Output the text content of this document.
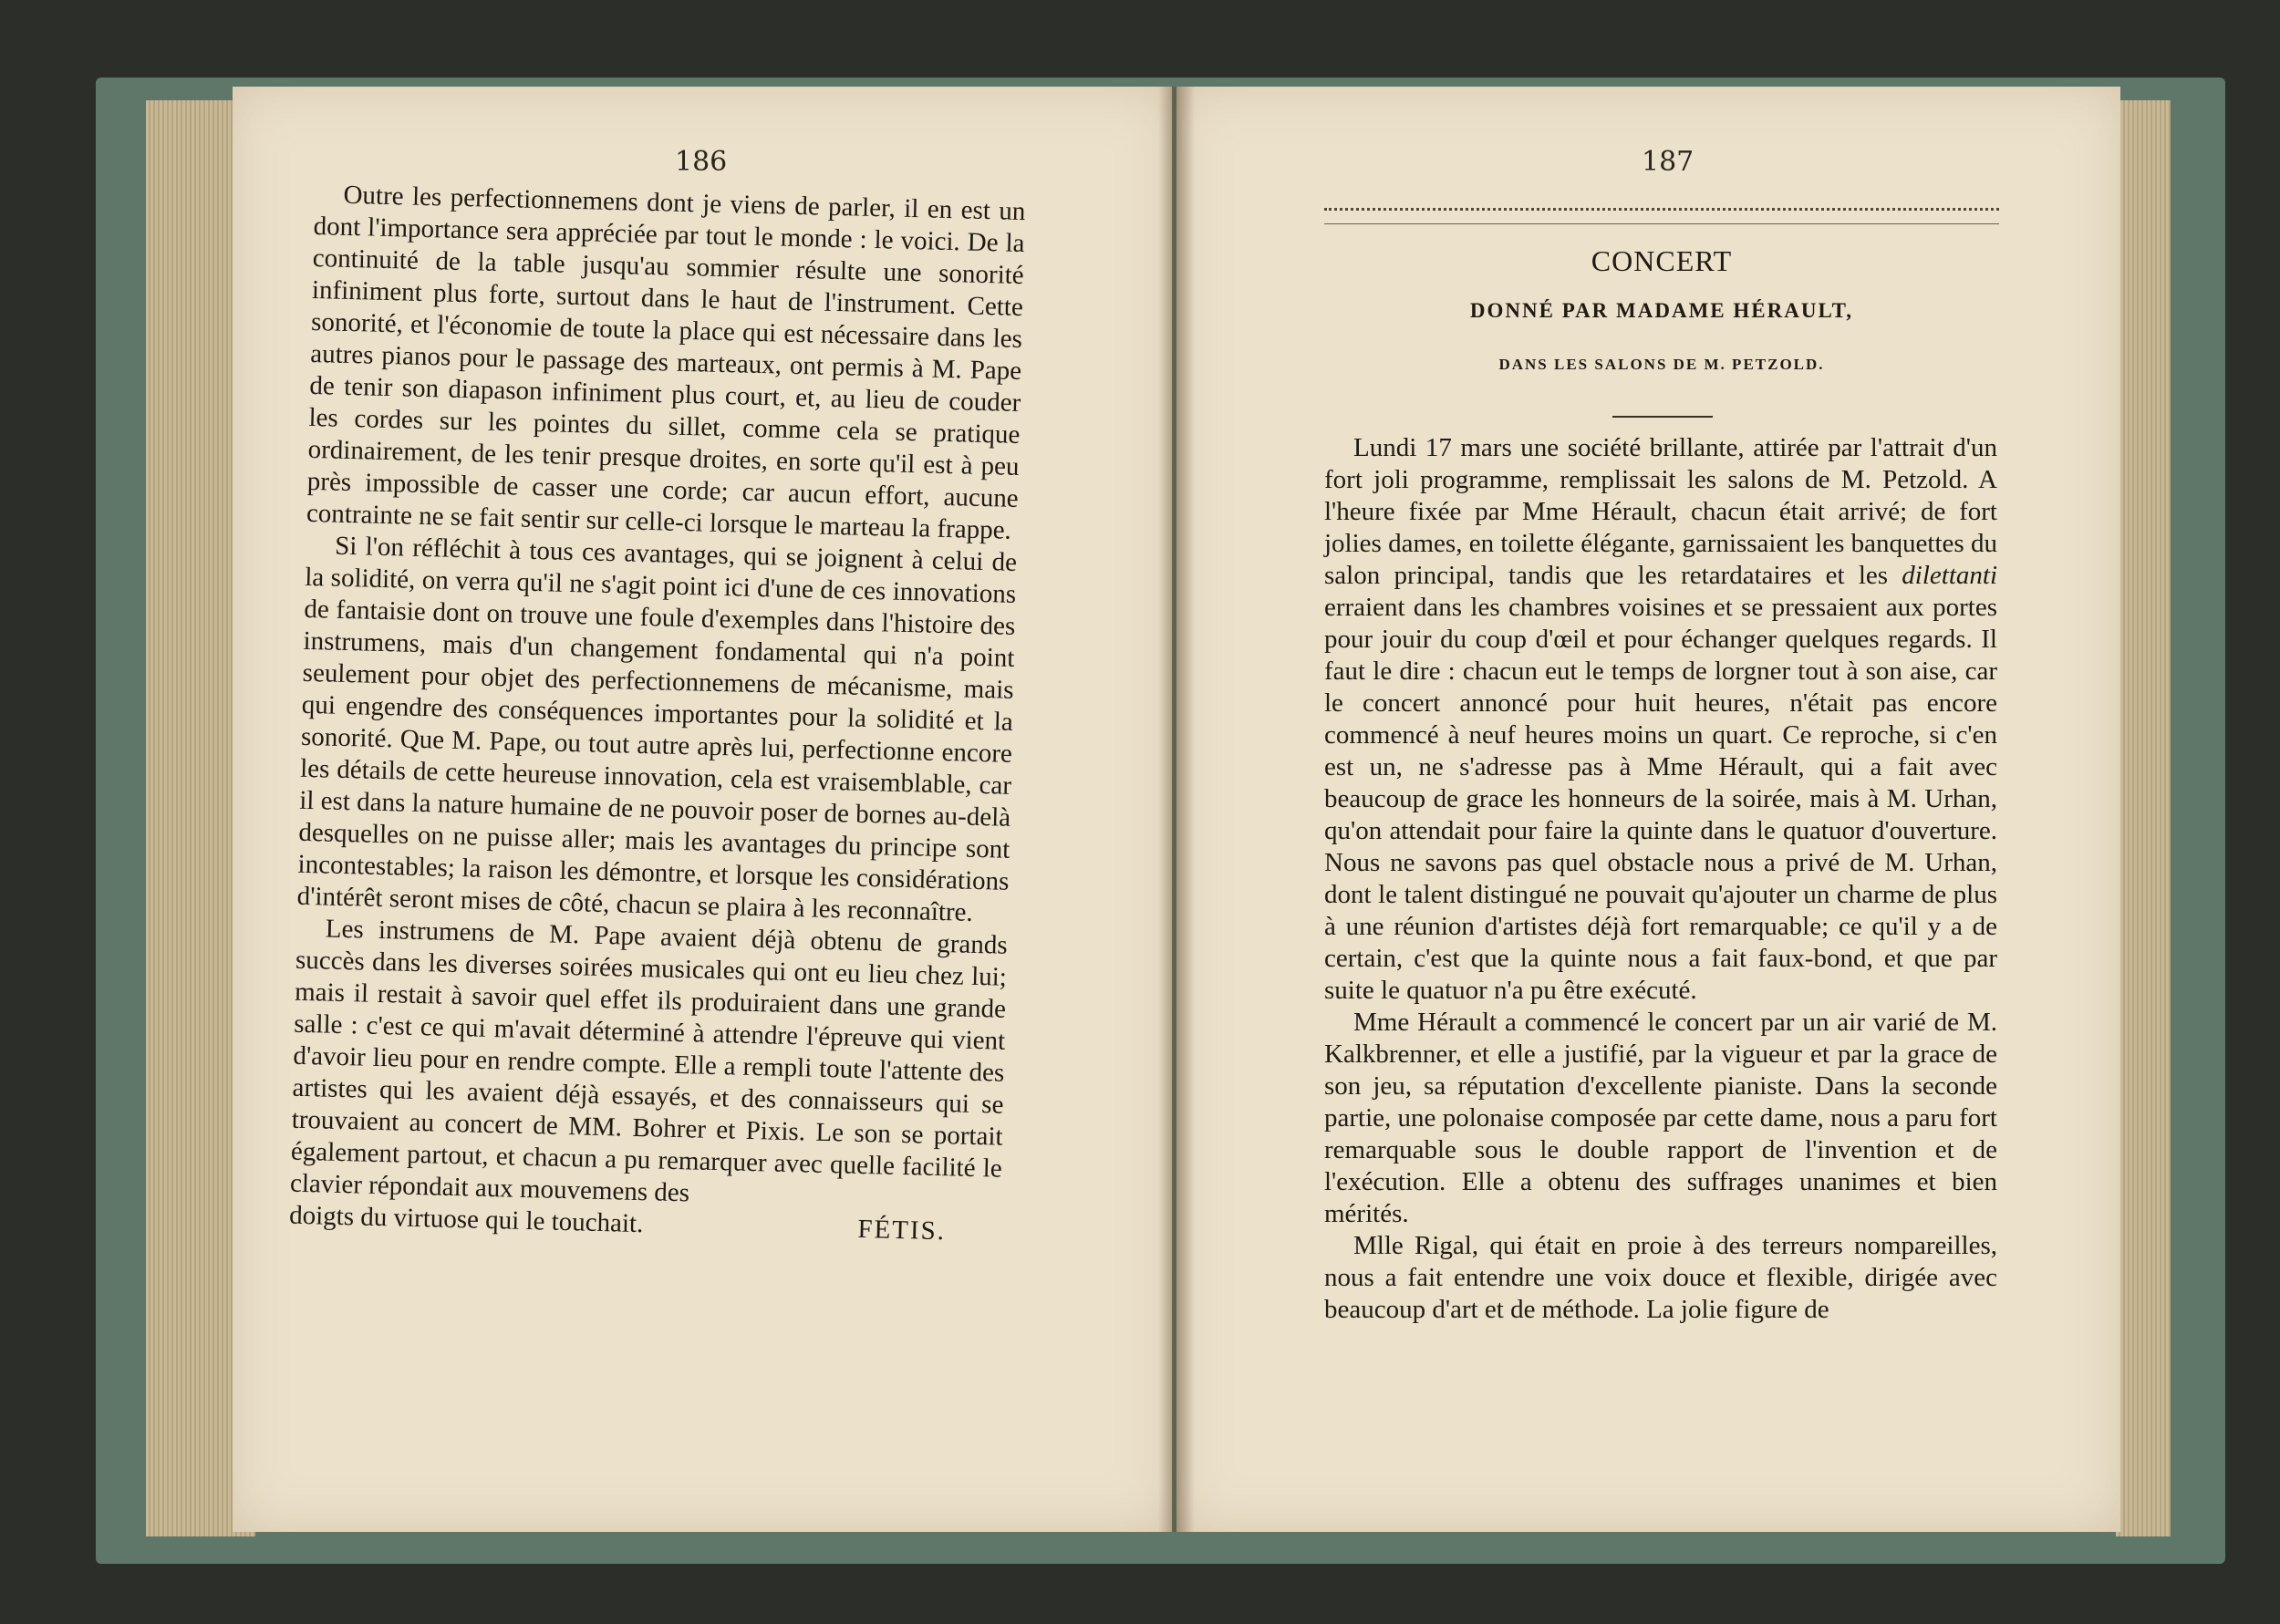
186	187

Outre les perfectionnemens dont je viens de parler, il en est un dont l'importance sera appréciée par tout le monde : le voici. De la continuité de la table jusqu'au sommier résulte une sonorité infiniment plus forte, surtout dans le haut de l'instrument. Cette sonorité, et l'économie de toute la place qui est nécessaire dans les autres pianos pour le passage des marteaux, ont permis à M. Pape de tenir son diapason infiniment plus court, et, au lieu de couder les cordes sur les pointes du sillet, comme cela se pratique ordinairement, de les tenir presque droites, en sorte qu'il est à peu près impossible de casser une corde; car aucun effort, aucune contrainte ne se fait sentir sur celle-ci lorsque le marteau la frappe.

Si l'on réfléchit à tous ces avantages, qui se joignent à celui de la solidité, on verra qu'il ne s'agit point ici d'une de ces innovations de fantaisie dont on trouve une foule d'exemples dans l'histoire des instrumens, mais d'un changement fondamental qui n'a point seulement pour objet des perfectionnemens de mécanisme, mais qui engendre des conséquences importantes pour la solidité et la sonorité. Que M. Pape, ou tout autre après lui, perfectionne encore les détails de cette heureuse innovation, cela est vraisemblable, car il est dans la nature humaine de ne pouvoir poser de bornes au-delà desquelles on ne puisse aller; mais les avantages du principe sont incontestables; la raison les démontre, et lorsque les considérations d'intérêt seront mises de côté, chacun se plaira à les reconnaître.

Les instrumens de M. Pape avaient déjà obtenu de grands succès dans les diverses soirées musicales qui ont eu lieu chez lui; mais il restait à savoir quel effet ils produiraient dans une grande salle : c'est ce qui m'avait déterminé à attendre l'épreuve qui vient d'avoir lieu pour en rendre compte. Elle a rempli toute l'attente des artistes qui les avaient déjà essayés, et des connaisseurs qui se trouvaient au concert de MM. Bohrer et Pixis. Le son se portait également partout, et chacun a pu remarquer avec quelle facilité le clavier répondait aux mouvemens des

doigts du virtuose qui le touchait.	FÉTIS.
CONCERT
DONNÉ PAR MADAME HÉRAULT,
DANS LES SALONS DE M. PETZOLD.

Lundi 17 mars une société brillante, attirée par l'attrait d'un fort joli programme, remplissait les salons de M. Petzold. A l'heure fixée par Mme Hérault, chacun était arrivé; de fort jolies dames, en toilette élégante, garnissaient les banquettes du salon principal, tandis que les retardataires et les dilettanti erraient dans les chambres voisines et se pressaient aux portes pour jouir du coup d'œil et pour échanger quelques regards. Il faut le dire : chacun eut le temps de lorgner tout à son aise, car le concert annoncé pour huit heures, n'était pas encore commencé à neuf heures moins un quart. Ce reproche, si c'en est un, ne s'adresse pas à Mme Hérault, qui a fait avec beaucoup de grace les honneurs de la soirée, mais à M. Urhan, qu'on attendait pour faire la quinte dans le quatuor d'ouverture. Nous ne savons pas quel obstacle nous a privé de M. Urhan, dont le talent distingué ne pouvait qu'ajouter un charme de plus à une réunion d'artistes déjà fort remarquable; ce qu'il y a de certain, c'est que la quinte nous a fait faux-bond, et que par suite le quatuor n'a pu être exécuté.

Mme Hérault a commencé le concert par un air varié de M. Kalkbrenner, et elle a justifié, par la vigueur et par la grace de son jeu, sa réputation d'excellente pianiste. Dans la seconde partie, une polonaise composée par cette dame, nous a paru fort remarquable sous le double rapport de l'invention et de l'exécution. Elle a obtenu des suffrages unanimes et bien mérités.

Mlle Rigal, qui était en proie à des terreurs nompareilles, nous a fait entendre une voix douce et flexible, dirigée avec beaucoup d'art et de méthode. La jolie figure de
